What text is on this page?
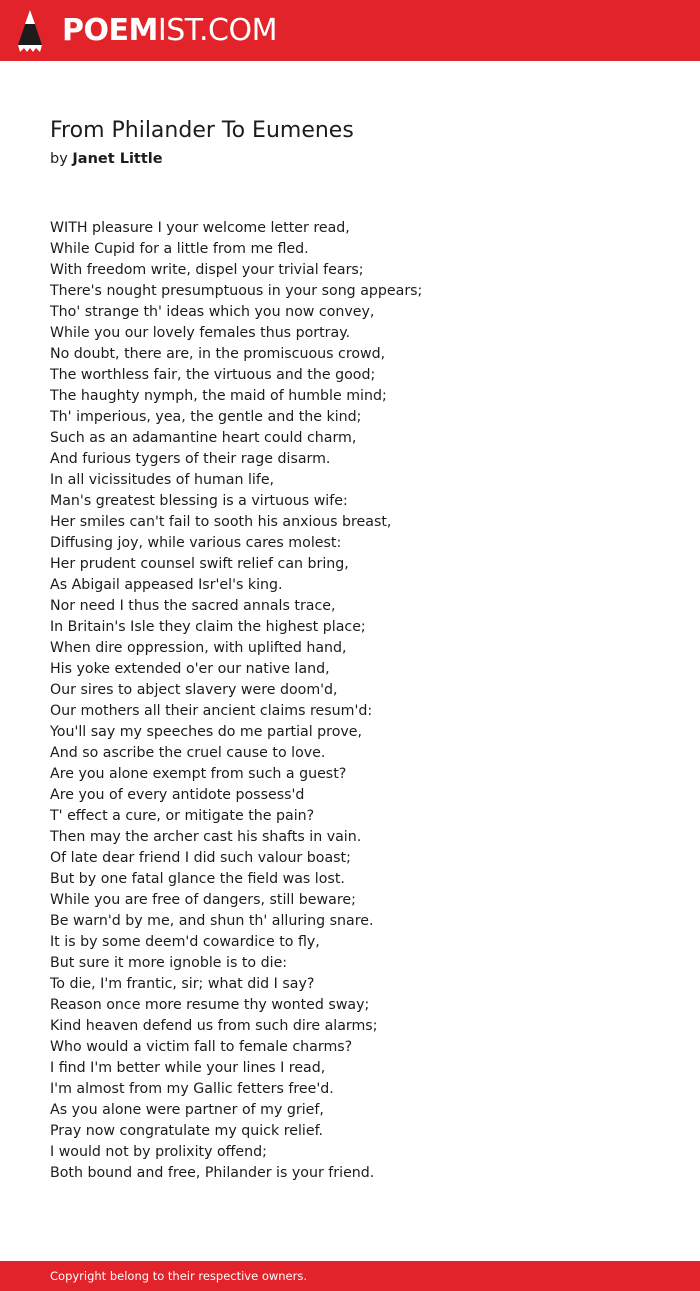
POEMIST.COM
From Philander To Eumenes
by Janet Little
WITH pleasure I your welcome letter read,
While Cupid for a little from me fled.
With freedom write, dispel your trivial fears;
There's nought presumptuous in your song appears;
Tho' strange th' ideas which you now convey,
While you our lovely females thus portray.
No doubt, there are, in the promiscuous crowd,
The worthless fair, the virtuous and the good;
The haughty nymph, the maid of humble mind;
Th' imperious, yea, the gentle and the kind;
Such as an adamantine heart could charm,
And furious tygers of their rage disarm.
In all vicissitudes of human life,
Man's greatest blessing is a virtuous wife:
Her smiles can't fail to sooth his anxious breast,
Diffusing joy, while various cares molest:
Her prudent counsel swift relief can bring,
As Abigail appeased Isr'el's king.
Nor need I thus the sacred annals trace,
In Britain's Isle they claim the highest place;
When dire oppression, with uplifted hand,
His yoke extended o'er our native land,
Our sires to abject slavery were doom'd,
Our mothers all their ancient claims resum'd:
You'll say my speeches do me partial prove,
And so ascribe the cruel cause to love.
Are you alone exempt from such a guest?
Are you of every antidote possess'd
T' effect a cure, or mitigate the pain?
Then may the archer cast his shafts in vain.
Of late dear friend I did such valour boast;
But by one fatal glance the field was lost.
While you are free of dangers, still beware;
Be warn'd by me, and shun th' alluring snare.
It is by some deem'd cowardice to fly,
But sure it more ignoble is to die:
To die, I'm frantic, sir; what did I say?
Reason once more resume thy wonted sway;
Kind heaven defend us from such dire alarms;
Who would a victim fall to female charms?
I find I'm better while your lines I read,
I'm almost from my Gallic fetters free'd.
As you alone were partner of my grief,
Pray now congratulate my quick relief.
I would not by prolixity offend;
Both bound and free, Philander is your friend.
Copyright belong to their respective owners.
